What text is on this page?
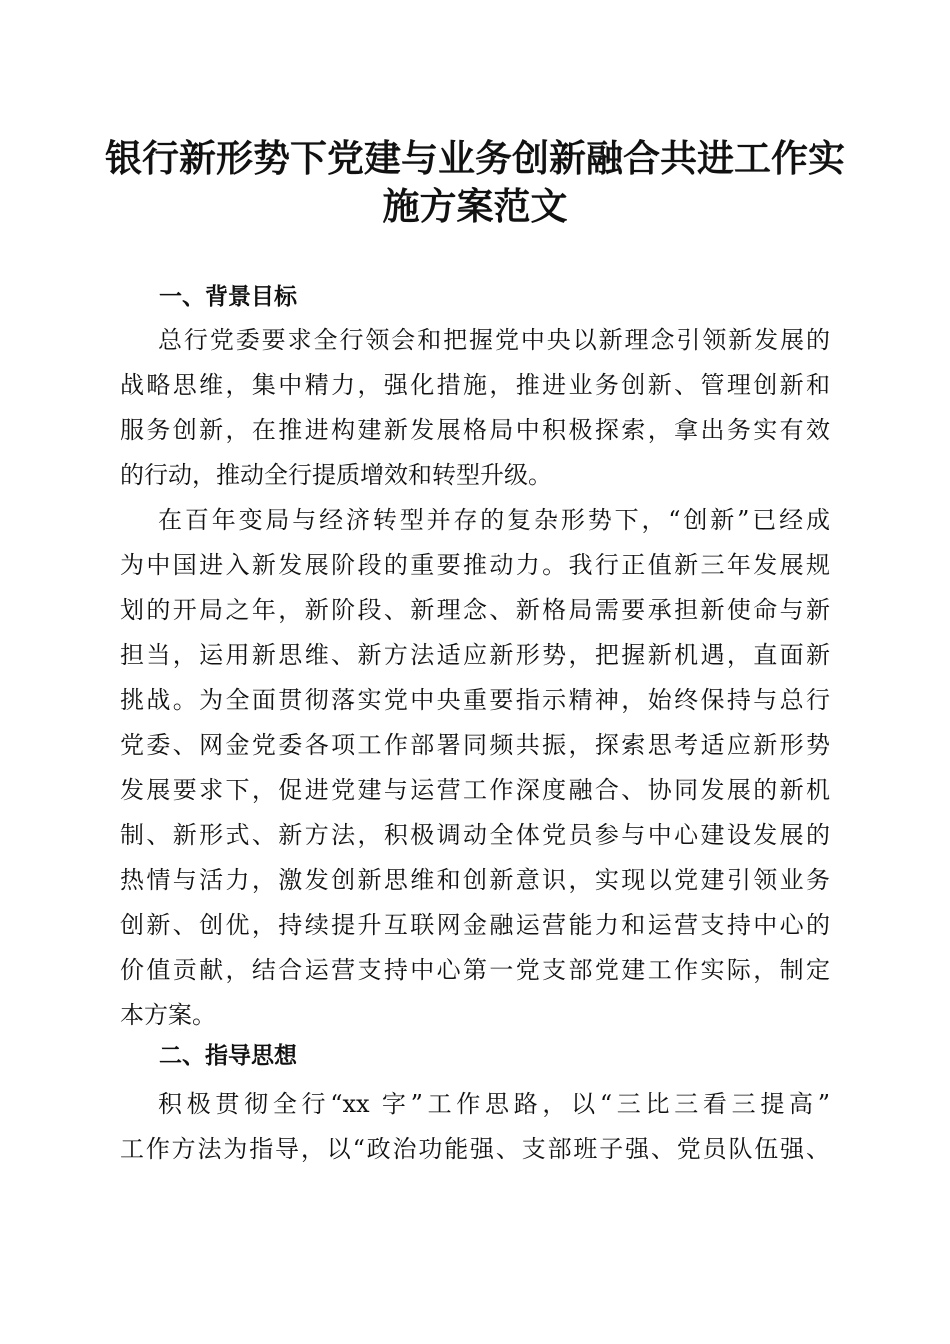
银行新形势下党建与业务创新融合共进工作实
施方案范文
一、背景目标

总行党委要求全行领会和把握党中央以新理念引领新发展的

战略思维，集中精力，强化措施，推进业务创新、管理创新和

服务创新，在推进构建新发展格局中积极探索，拿出务实有效

的行动，推动全行提质增效和转型升级。

在百年变局与经济转型并存的复杂形势下，“创新”已经成

为中国进入新发展阶段的重要推动力。我行正值新三年发展规

划的开局之年，新阶段、新理念、新格局需要承担新使命与新

担当，运用新思维、新方法适应新形势，把握新机遇，直面新

挑战。为全面贯彻落实党中央重要指示精神，始终保持与总行

党委、网金党委各项工作部署同频共振，探索思考适应新形势

发展要求下，促进党建与运营工作深度融合、协同发展的新机

制、新形式、新方法，积极调动全体党员参与中心建设发展的

热情与活力，激发创新思维和创新意识，实现以党建引领业务

创新、创优，持续提升互联网金融运营能力和运营支持中心的

价值贡献，结合运营支持中心第一党支部党建工作实际，制定

本方案。

二、指导思想

积极贯彻全行“xx 字”工作思路，以“三比三看三提高”

工作方法为指导，以“政治功能强、支部班子强、党员队伍强、
